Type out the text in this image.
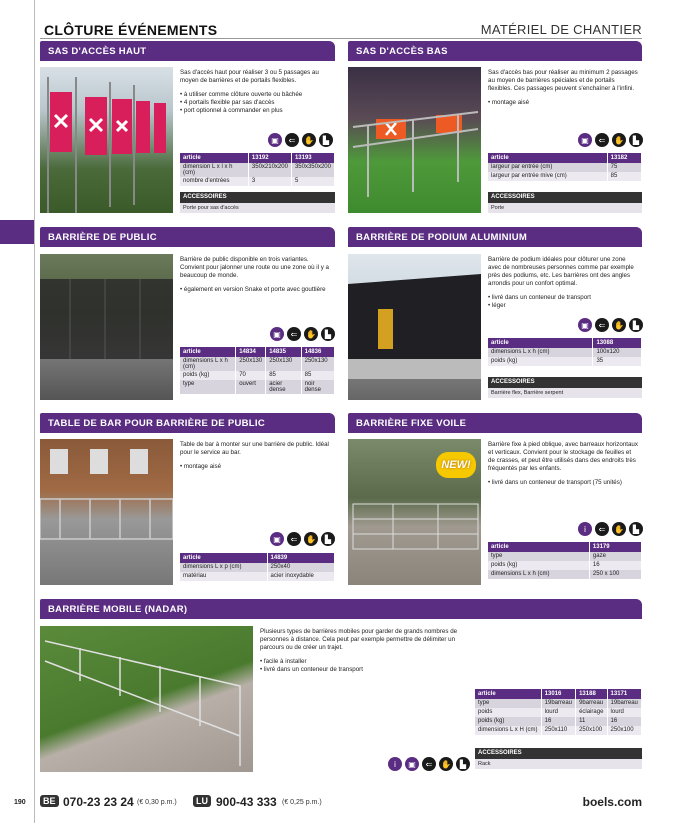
CLÔTURE ÉVÉNEMENTS	MATÉRIEL DE CHANTIER
SAS D'ACCÈS HAUT
Sas d'accès haut pour réaliser 3 ou 5 passages au moyen de barrières et de portails flexibles.
• à utiliser comme clôture ouverte ou bâchée
• 4 portails flexible par sas d'accès
• port optionnel à commander en plus
▣	⇐	✋	▙
article	13192	13193
dimension L x l x h (cm)	350x210x200	350x350x200
nombre d'entrées	3	5
ACCESSOIRES
Porte pour sas d'accès
SAS D'ACCÈS BAS
Sas d'accès bas pour réaliser au minimum 2 passages au moyen de barrières spéciales et de portails flexibles. Ces passages peuvent s'enchaîner à l'infini.
• montage aisé
▣	⇐	✋	▙
article	13182
largeur par entrée (cm)	75
largeur par entrée mive (cm)	85
ACCESSOIRES
Porte
BARRIÈRE DE PUBLIC
Barrière de public disponible en trois variantes. Convient pour jalonner une route ou une zone où il y a beaucoup de monde.
• également en version Snake et porte avec gouttière
▣	⇐	✋	▙
article	14834	14835	14836
dimensions L x h (cm)	250x130	250x130	250x130
poids (kg)	70	85	85
type	ouvert	acier dense	noir dense
BARRIÈRE DE PODIUM ALUMINIUM
Barrière de podium idéales pour clôturer une zone avec de nombreuses personnes comme par exemple près des podiums, etc. Les barrières ont des angles arrondis pour un confort optimal.
• livré dans un conteneur de transport
• léger
▣	⇐	✋	▙
article	13088
dimensions L x h (cm)	100x120
poids (kg)	35
ACCESSOIRES
Barrière flex, Barrière serpent
TABLE DE BAR POUR BARRIÈRE DE PUBLIC
Table de bar à monter sur une barrière de public. Idéal pour le service au bar.
• montage aisé
▣	⇐	✋	▙
article	14839
dimensions L x p (cm)	250x40
matériau	acier inoxydable
BARRIÈRE FIXE VOILE
NEW!
Barrière fixe à pied oblique, avec barreaux horizontaux et verticaux. Convient pour le stockage de feuilles et de crasses, et peut être utilisés dans des endroits très fréquentés par les enfants.
• livré dans un conteneur de transport (75 unités)
i	⇐	✋	▙
article	13179
type	gaze
poids (kg)	16
dimensions L x h (cm)	250 x 100
BARRIÈRE MOBILE (NADAR)
Plusieurs types de barrières mobiles pour garder de grands nombres de personnes à distance. Cela peut par exemple permettre de délimiter un parcours ou de créer un trajet.
• facile à installer
• livré dans un conteneur de transport
article	13016	13188	13171
type	19barreau	9barreau	19barreau
poids	lourd	éclairage	lourd
poids (kg)	16	11	16
dimensions L x H (cm)	250x110	250x100	250x100
ACCESSOIRES
Rack
i	▣	⇐	✋	▙
190	BE 070-23 23 24 (€ 0,30 p.m.)	LU 900-43 333 (€ 0,25 p.m.)	boels.com
